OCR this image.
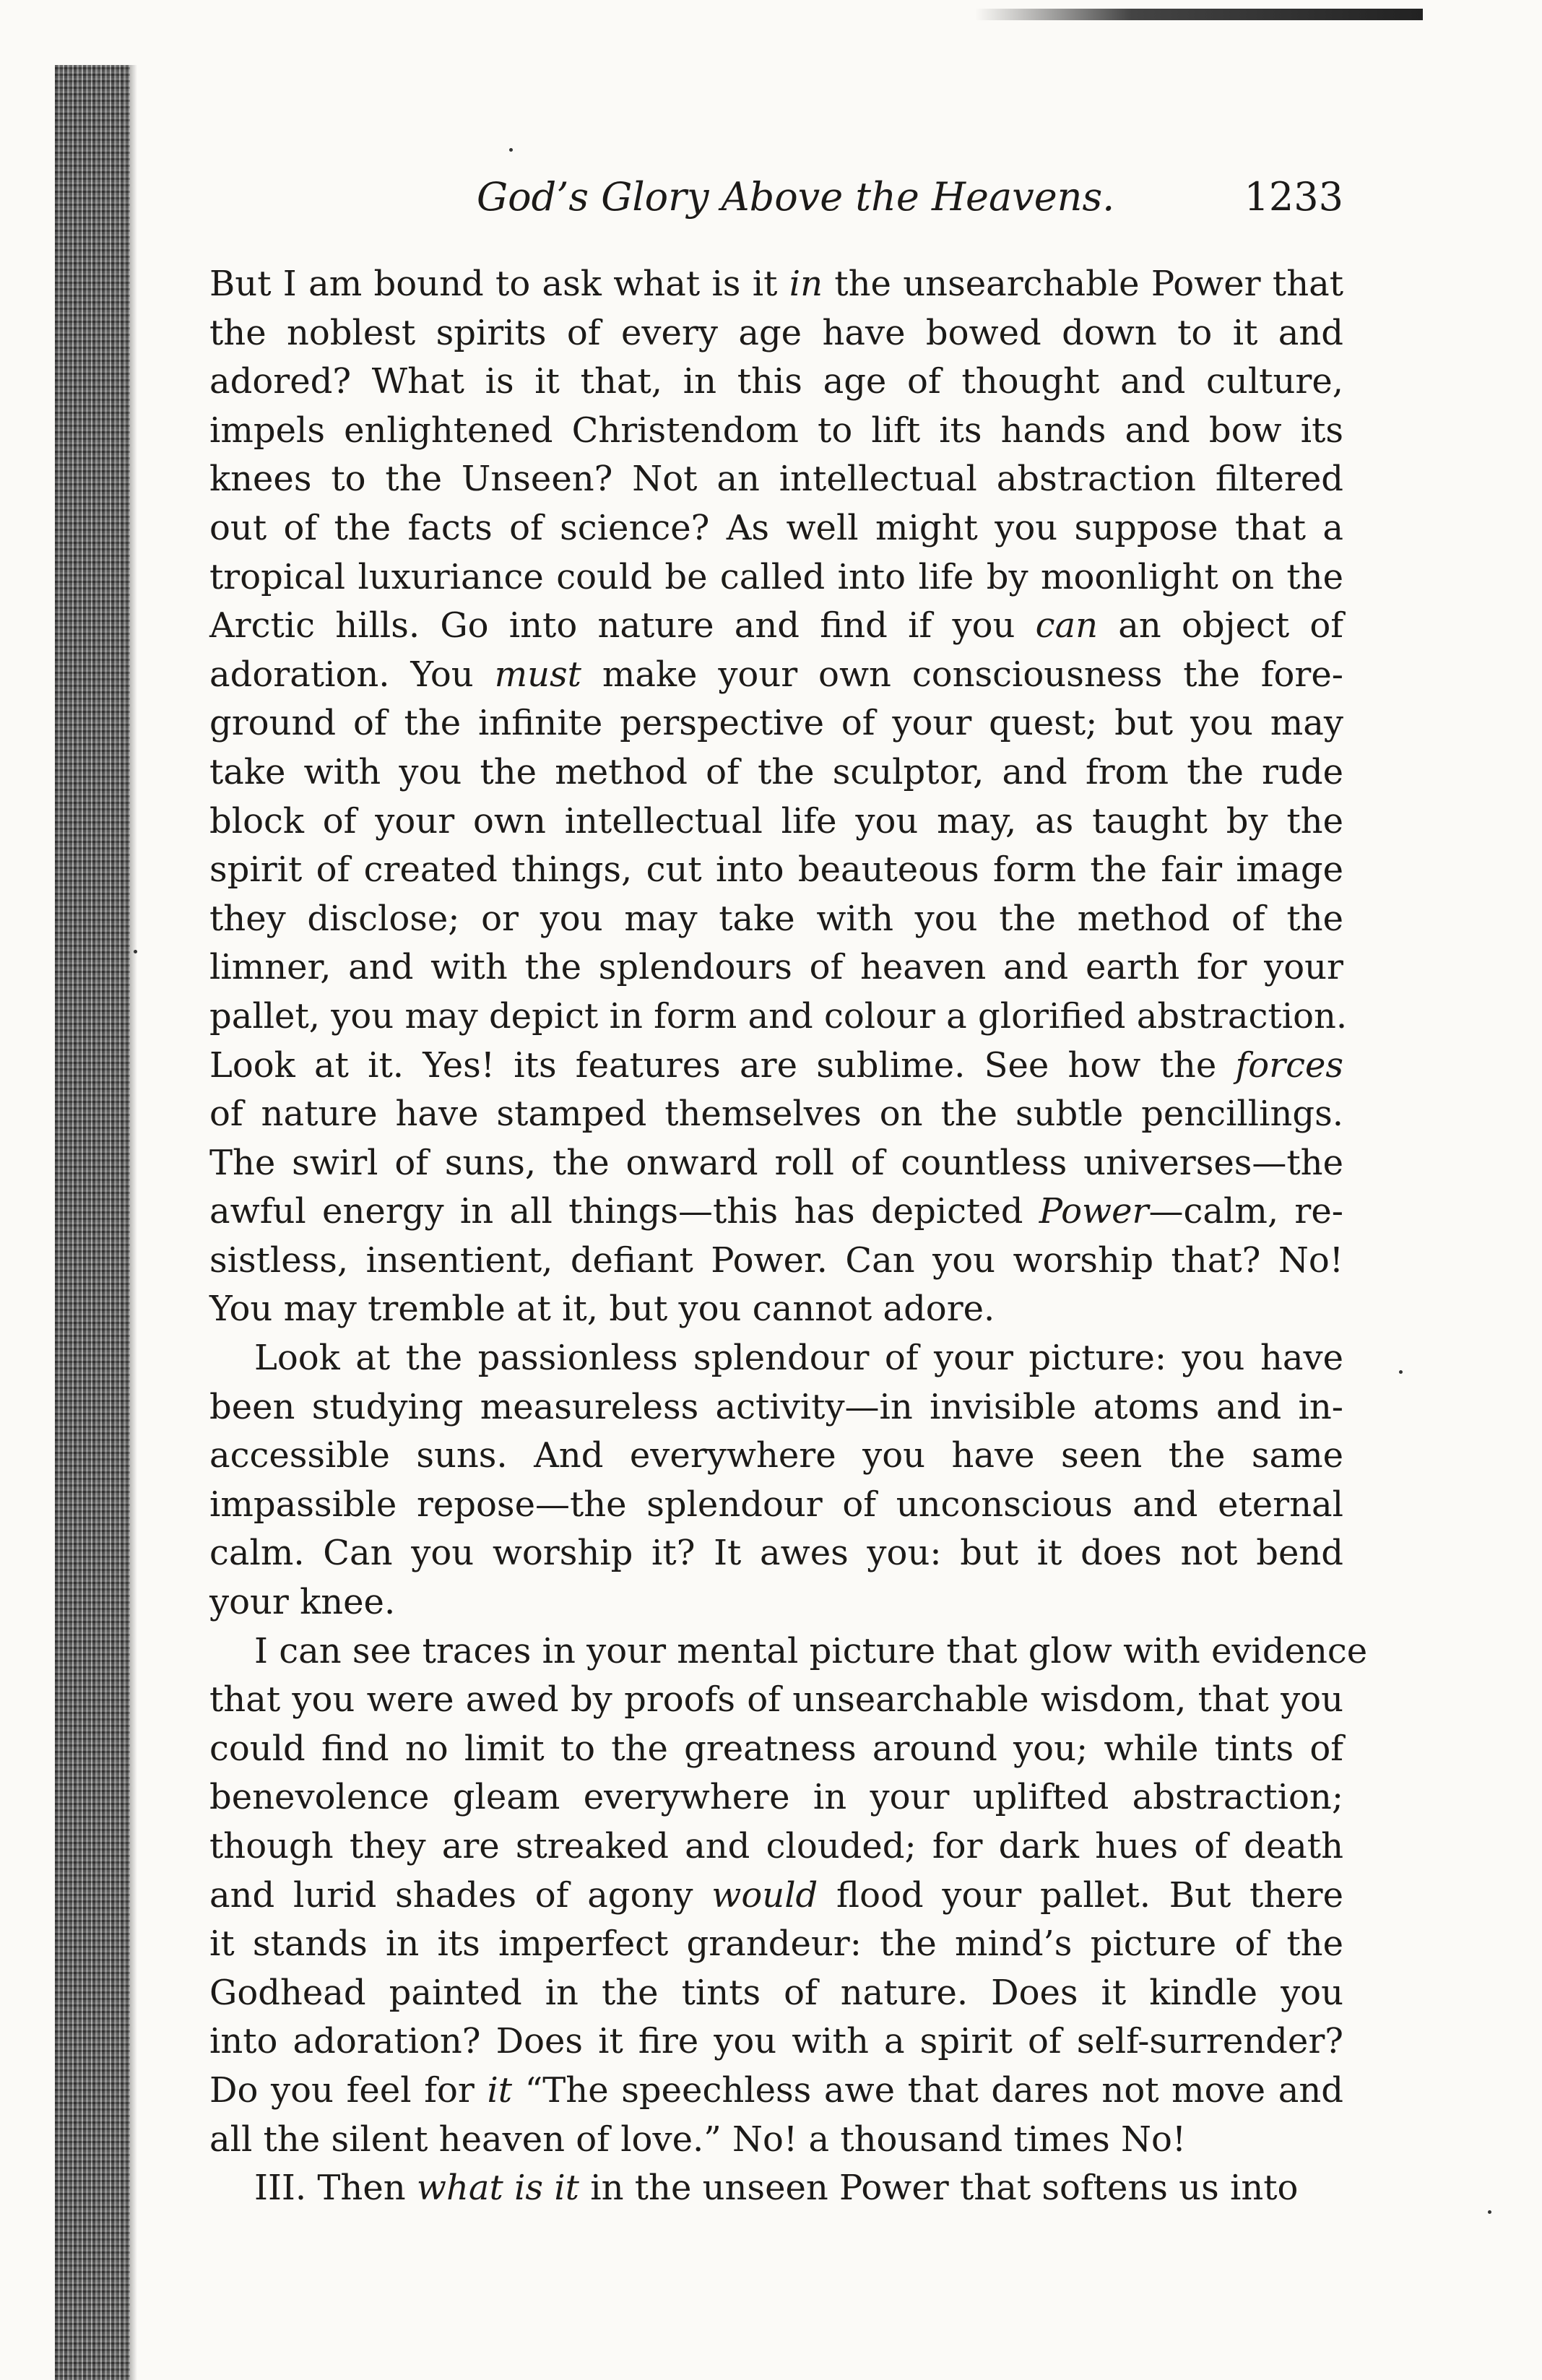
God’s Glory Above the Heavens.	1233
But I am bound to ask what is it in the unsearchable Power that
the noblest spirits of every age have bowed down to it and
adored? What is it that, in this age of thought and culture,
impels enlightened Christendom to lift its hands and bow its
knees to the Unseen? Not an intellectual abstraction filtered
out of the facts of science? As well might you suppose that a
tropical luxuriance could be called into life by moonlight on the
Arctic hills. Go into nature and find if you can an object of
adoration. You must make your own consciousness the fore-
ground of the infinite perspective of your quest; but you may
take with you the method of the sculptor, and from the rude
block of your own intellectual life you may, as taught by the
spirit of created things, cut into beauteous form the fair image
they disclose; or you may take with you the method of the
limner, and with the splendours of heaven and earth for your
pallet, you may depict in form and colour a glorified abstraction.
Look at it. Yes! its features are sublime. See how the forces
of nature have stamped themselves on the subtle pencillings.
The swirl of suns, the onward roll of countless universes—the
awful energy in all things—this has depicted Power—calm, re-
sistless, insentient, defiant Power. Can you worship that? No!
You may tremble at it, but you cannot adore.
Look at the passionless splendour of your picture: you have
been studying measureless activity—in invisible atoms and in-
accessible suns. And everywhere you have seen the same
impassible repose—the splendour of unconscious and eternal
calm. Can you worship it? It awes you: but it does not bend
your knee.
I can see traces in your mental picture that glow with evidence
that you were awed by proofs of unsearchable wisdom, that you
could find no limit to the greatness around you; while tints of
benevolence gleam everywhere in your uplifted abstraction;
though they are streaked and clouded; for dark hues of death
and lurid shades of agony would flood your pallet. But there
it stands in its imperfect grandeur: the mind’s picture of the
Godhead painted in the tints of nature. Does it kindle you
into adoration? Does it fire you with a spirit of self-surrender?
Do you feel for it “The speechless awe that dares not move and
all the silent heaven of love.” No! a thousand times No!
III. Then what is it in the unseen Power that softens us into
